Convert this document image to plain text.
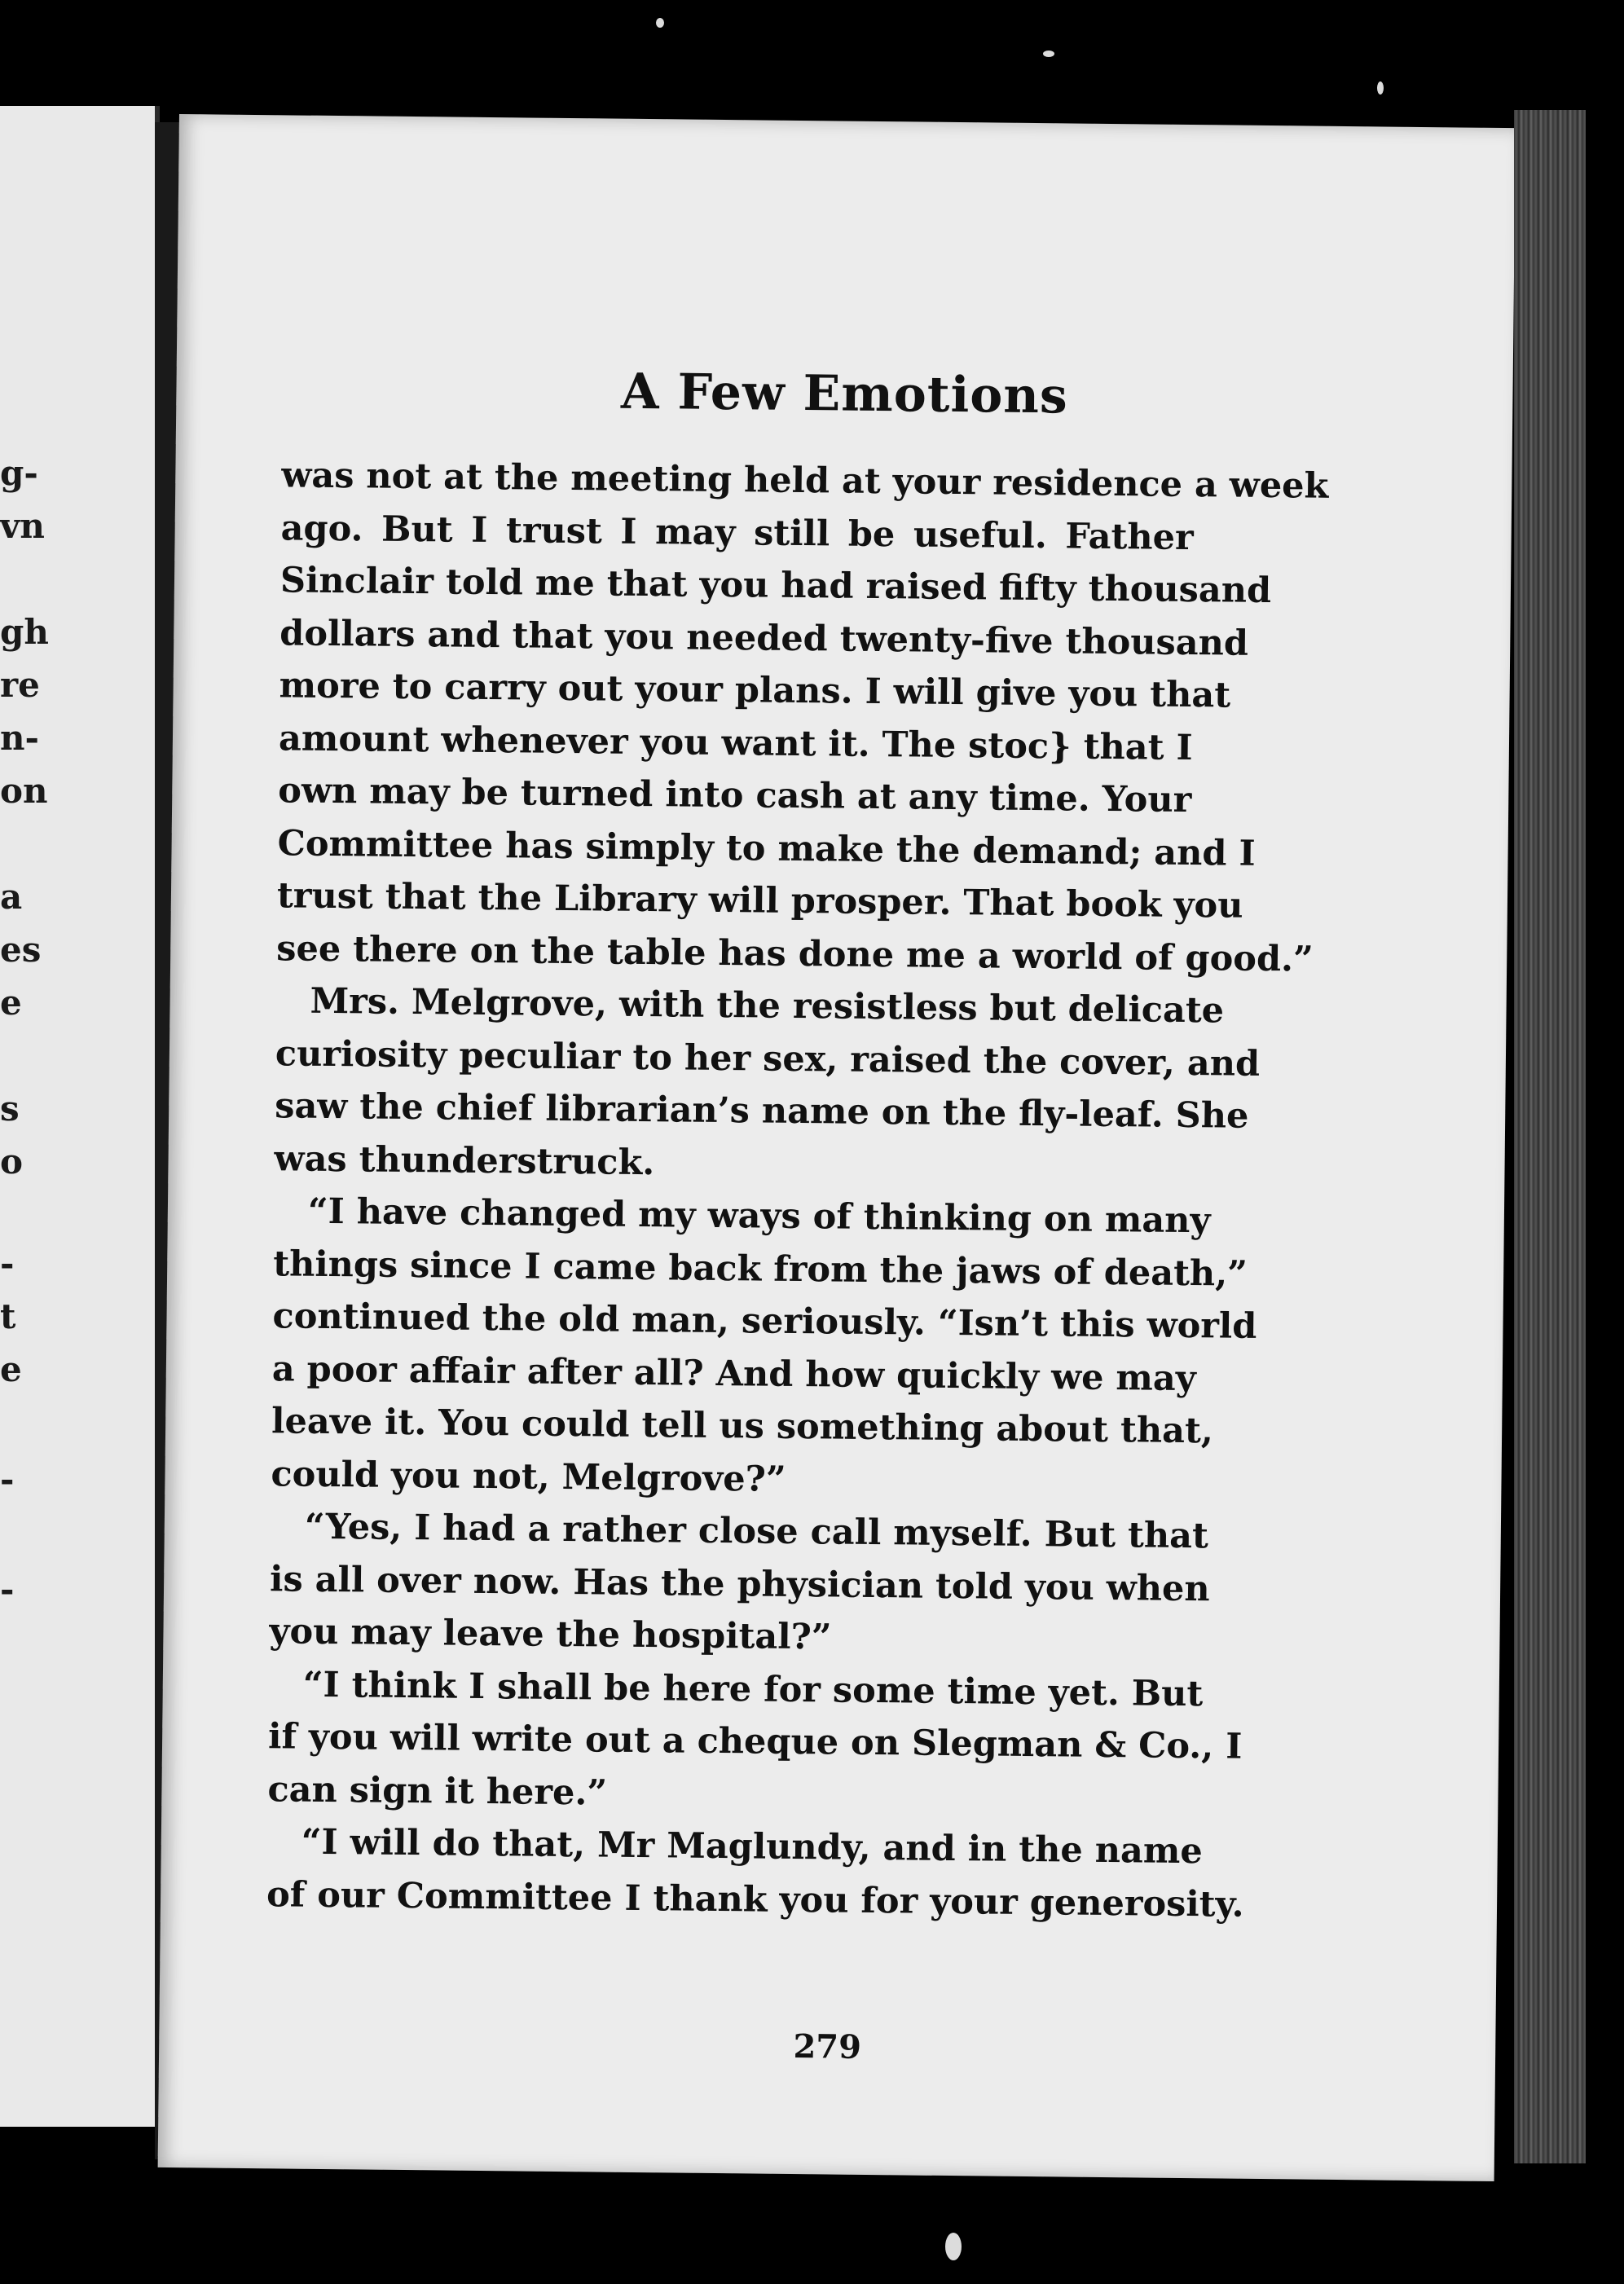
g-
vn
gh
re
n-
on
a
es
e
s
o
-
t
e
-
-
A Few Emotions
was not at the meeting held at your residence a week
ago. But I trust I may still be useful. Father
Sinclair told me that you had raised fifty thousand
dollars and that you needed twenty-five thousand
more to carry out your plans. I will give you that
amount whenever you want it. The stoc} that I
own may be turned into cash at any time. Your
Committee has simply to make the demand; and I
trust that the Library will prosper. That book you
see there on the table has done me a world of good.”
Mrs. Melgrove, with the resistless but delicate
curiosity peculiar to her sex, raised the cover, and
saw the chief librarian’s name on the fly-leaf. She
was thunderstruck.
“I have changed my ways of thinking on many
things since I came back from the jaws of death,”
continued the old man, seriously. “Isn’t this world
a poor affair after all? And how quickly we may
leave it. You could tell us something about that,
could you not, Melgrove?”
“Yes, I had a rather close call myself. But that
is all over now. Has the physician told you when
you may leave the hospital?”
“I think I shall be here for some time yet. But
if you will write out a cheque on Slegman & Co., I
can sign it here.”
“I will do that, Mr Maglundy, and in the name
of our Committee I thank you for your generosity.
279
